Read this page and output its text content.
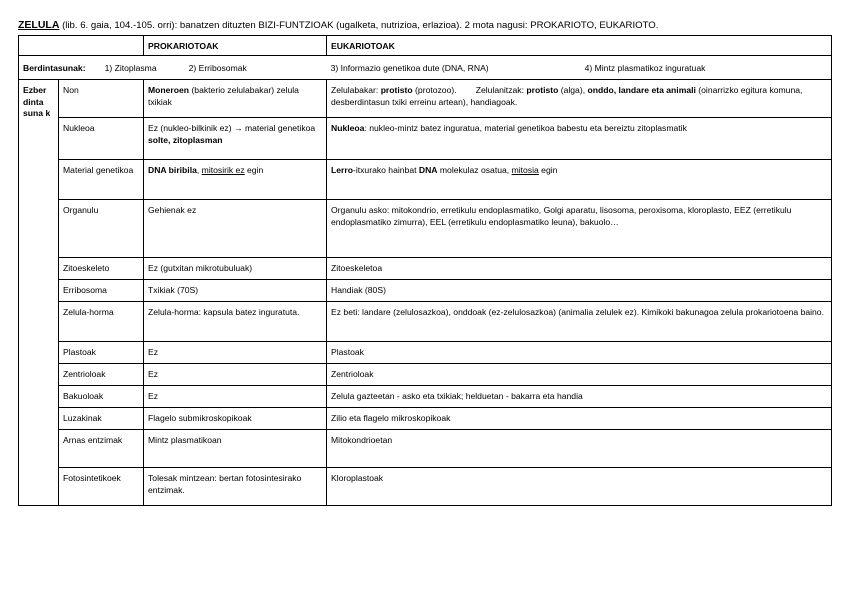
ZELULA (lib. 6. gaia, 104.-105. orri): banatzen dituzten BIZI-FUNTZIOAK (ugalketa, nutrizioa, erlazioa). 2 mota nagusi: PROKARIOTO, EUKARIOTO.
		PROKARIOTOAK	EUKARIOTOAK
Berdintasunak: 1) Zitoplasma 2) Erribosomak 3) Informazio genetikoa dute (DNA, RNA) 4) Mintz plasmatikoz inguratuak			
Ezber dinta suna k	Non	Moneroen (bakterio zelulabakar) zelula txikiak	Zelulabakar: protisto (protozoo).        Zelulanitzak: protisto (alga), onddo, landare eta animali (oinarrizko egitura komuna, desberdintasun txiki erreinu artean), handiagoak.
	Nukleoa	Ez (nukleo-bilkinik ez) → material genetikoa solte, zitoplasman	Nukleoa: nukleo-mintz batez inguratua, material genetikoa babestu eta bereiztu zitoplasmatik
	Material genetikoa	DNA biribila, mitosirik ez egin	Lerro-itxurako hainbat DNA molekulaz osatua, mitosia egin
	Organulu	Gehienak ez	Organulu asko: mitokondrio, erretikulu endoplasmatiko, Golgi aparatu, lisosoma, peroxisoma, kloroplasto, EEZ (erretikulu endoplasmatiko zimurra), EEL (erretikulu endoplasmatiko leuna), bakuolo…
	Zitoeskeleto	Ez (gutxitan mikrotubuluak)	Zitoeskeletoa
	Erribosoma	Txikiak (70S)	Handiak (80S)
	Zelula-horma	Zelula-horma: kapsula batez inguratuta.	Ez beti: landare (zelulosazkoa), onddoak (ez-zelulosazkoa) (animalia zelulek ez). Kimikoki bakunagoa zelula prokariotoena baino.
	Plastoak	Ez	Plastoak
	Zentrioloak	Ez	Zentrioloak
	Bakuoloak	Ez	Zelula gazteetan - asko eta txikiak; helduetan - bakarra eta handia
	Luzakinak	Flagelo submikroskopikoak	Zilio eta flagelo mikroskopikoak
	Arnas entzimak	Mintz plasmatikoan	Mitokondrioetan
	Fotosintetikoek	Tolesak mintzean: bertan fotosintesirako entzimak.	Kloroplastoak
